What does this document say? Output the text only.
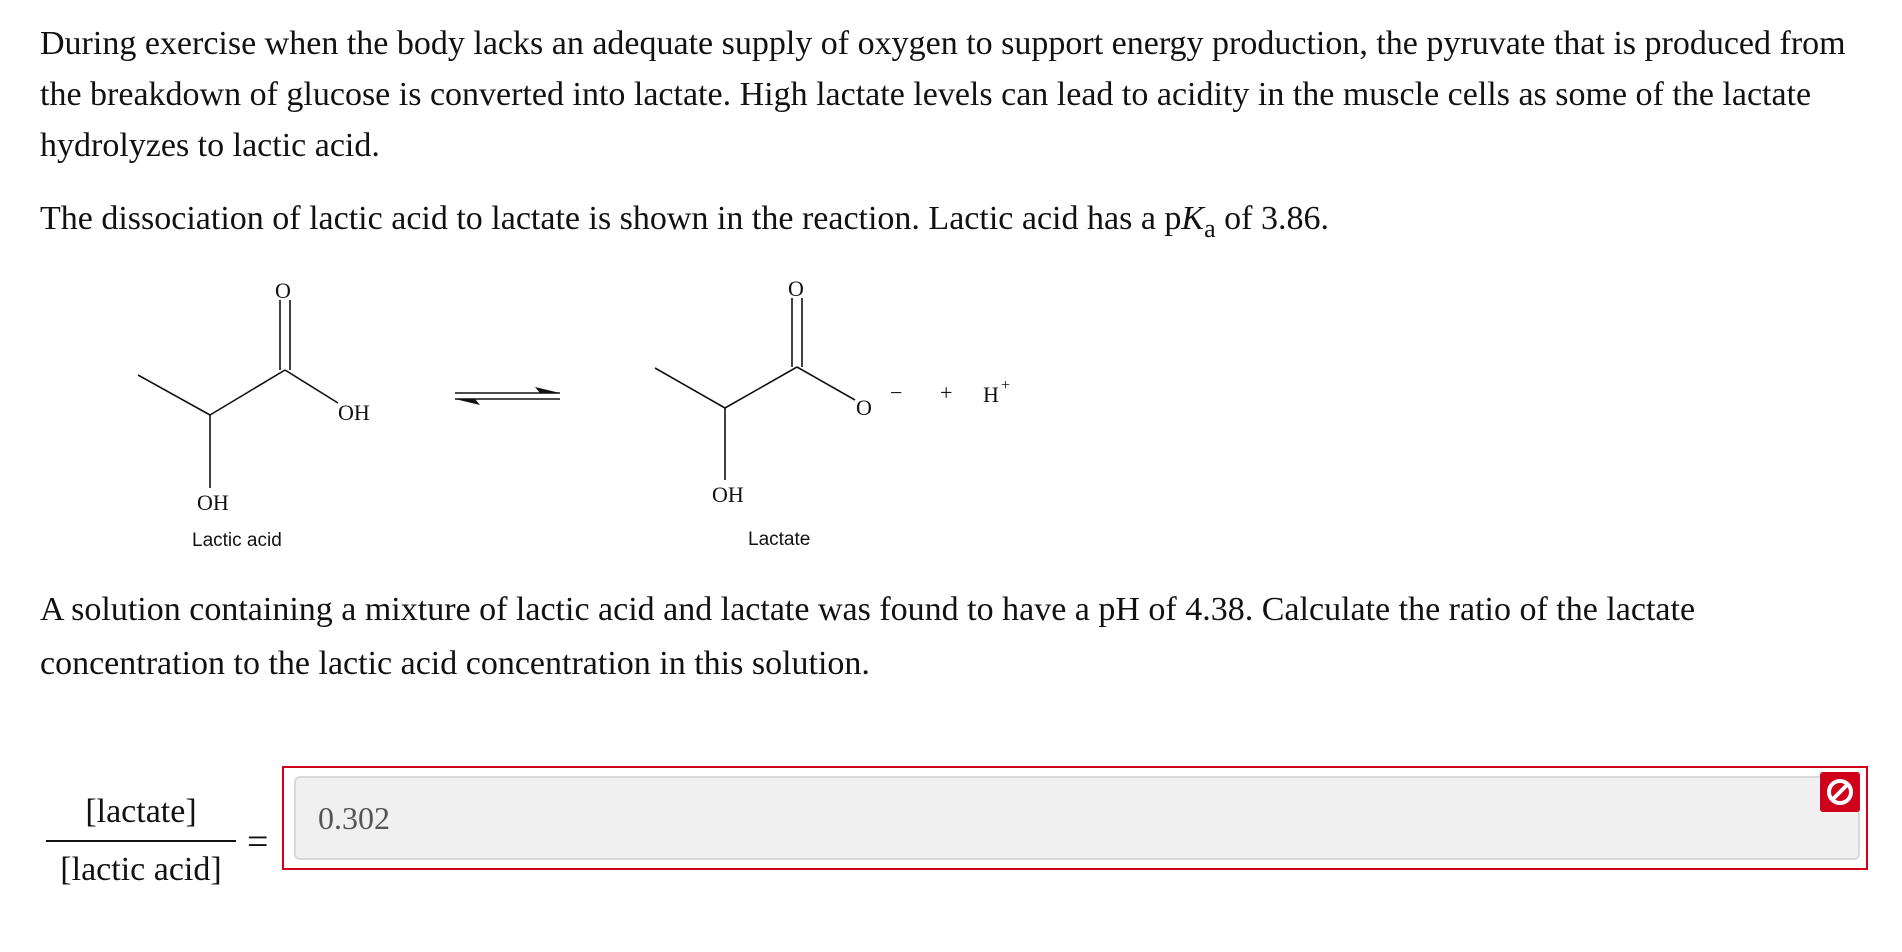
During exercise when the body lacks an adequate supply of oxygen to support energy production, the pyruvate that is produced from the breakdown of glucose is converted into lactate. High lactate levels can lead to acidity in the muscle cells as some of the lactate hydrolyzes to lactic acid.

The dissociation of lactic acid to lactate is shown in the reaction. Lactic acid has a $pK_a$ of 3.86.

O
OH
OH
Lactic acid
O
O
−
OH
Lactate
+ H +

A solution containing a mixture of lactic acid and lactate was found to have a pH of 4.38. Calculate the ratio of the lactate concentration to the lactic acid concentration in this solution.

[lactate]
[lactic acid]
=
0.302
